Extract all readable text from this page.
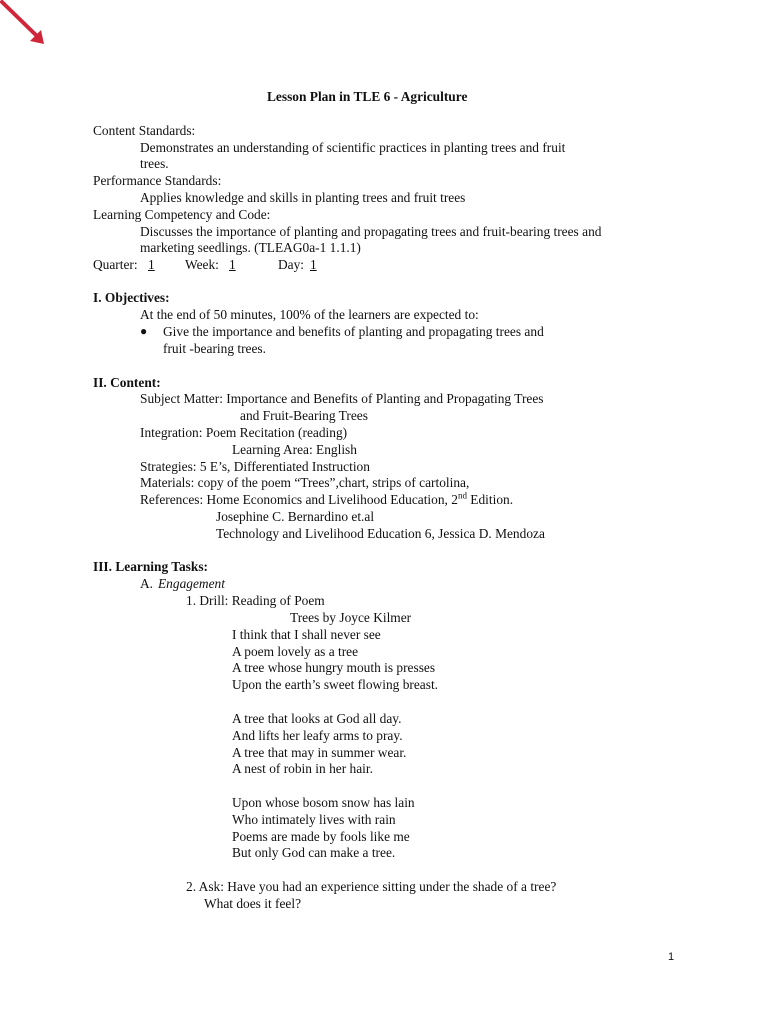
Lesson Plan in TLE 6 - Agriculture
Content Standards:
Demonstrates an understanding of scientific practices in planting trees and fruit
trees.
Performance Standards:
Applies knowledge and skills in planting trees and fruit trees
Learning Competency and Code:
Discusses the importance of planting and propagating trees and fruit-bearing trees and
marketing seedlings. (TLEAG0a-1 1.1.1)
Quarter: 1 Week: 1	Day: 1
I. Objectives:
At the end of 50 minutes, 100% of the learners are expected to:
● Give the importance and benefits of planting and propagating trees and
fruit -bearing trees.
II. Content:
Subject Matter: Importance and Benefits of Planting and Propagating Trees
and Fruit-Bearing Trees
Integration: Poem Recitation (reading)
Learning Area: English
Strategies: 5 E’s, Differentiated Instruction
Materials: copy of the poem “Trees”,chart, strips of cartolina,
References: Home Economics and Livelihood Education, 2nd Edition.
Josephine C. Bernardino et.al
Technology and Livelihood Education 6, Jessica D. Mendoza
III. Learning Tasks:
A. Engagement
1. Drill: Reading of Poem
Trees by Joyce Kilmer
I think that I shall never see
A poem lovely as a tree
A tree whose hungry mouth is presses
Upon the earth’s sweet flowing breast.
A tree that looks at God all day.
And lifts her leafy arms to pray.
A tree that may in summer wear.
A nest of robin in her hair.
Upon whose bosom snow has lain
Who intimately lives with rain
Poems are made by fools like me
But only God can make a tree.
2. Ask: Have you had an experience sitting under the shade of a tree?
What does it feel?
1
